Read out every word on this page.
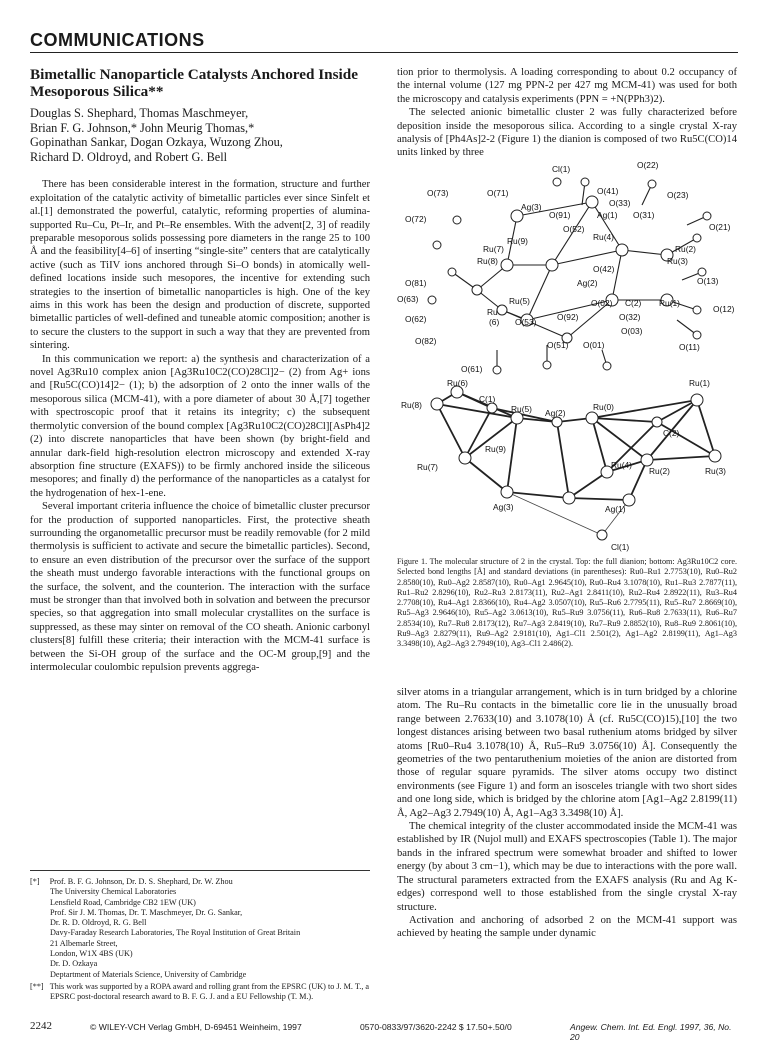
COMMUNICATIONS
Bimetallic Nanoparticle Catalysts Anchored Inside Mesoporous Silica**
Douglas S. Shephard, Thomas Maschmeyer,
Brian F. G. Johnson,* John Meurig Thomas,*
Gopinathan Sankar, Dogan Ozkaya, Wuzong Zhou,
Richard D. Oldroyd, and Robert G. Bell

There has been considerable interest in the formation, structure and further exploitation of the catalytic activity of bimetallic particles ever since Sinfelt et al.[1] demonstrated the powerful, catalytic, reforming properties of alumina-supported Ru–Cu, Pt–Ir, and Pt–Re ensembles. With the advent[2, 3] of readily preparable mesoporous solids possessing pore diameters in the range 25 to 100 Å and the feasibility[4–6] of inserting “single-site” centers that are catalytically active (such as TiIV ions anchored through Si–O bonds) in atomically well-defined locations inside such mesopores, the incentive for extending such strategies to the insertion of bimetallic nanoparticles is high. One of the key aims in this work has been the design and production of discrete, supported bimetallic particles of well-defined and tuneable atomic composition; another is to secure the clusters to the support in such a way that they are prevented from sintering.

In this communication we report: a) the synthesis and characterization of a novel Ag3Ru10 complex anion [Ag3Ru10C2(CO)28Cl]2− (2) from Ag+ ions and [Ru5C(CO)14]2− (1); b) the adsorption of 2 onto the inner walls of the mesoporous silica (MCM-41), with a pore diameter of about 30 Å,[7] together with spectroscopic proof that it retains its integrity; c) the subsequent thermolytic conversion of the bound complex [Ag3Ru10C2(CO)28Cl][AsPh4]2 (2) into discrete nanoparticles that have been shown (by bright-field and annular dark-field high-resolution electron microscopy and extended X-ray absorption fine structure (EXAFS)) to be firmly anchored inside the siliceous mesopores; and finally d) the performance of the nanoparticles as a catalyst for the hydrogenation of hex-1-ene.

Several important criteria influence the choice of bimetallic cluster precursor for the production of supported nanoparticles. First, the protective sheath surrounding the organometallic precursor must be readily removable (for 2 mild thermolysis is sufficient to activate and secure the bimetallic particles). Second, to ensure an even distribution of the precursor over the surface of the support the sheath must undergo favorable interactions with the functional groups on the surface, the solvent, and the counterion. The interaction with the surface must be stronger than that involved both in solvation and between the precursor species, so that aggregation into small molecular crystallites on the surface is suppressed, as these may sinter on removal of the CO sheath. Anionic carbonyl clusters[8] fulfill these criteria; their interaction with the MCM-41 surface is between the Si-OH group of the surface and the OC-M group,[9] and the intermolecular coulombic repulsion prevents aggrega-

[*] Prof. B. F. G. Johnson, Dr. D. S. Shephard, Dr. W. Zhou
The University Chemical Laboratories
Lensfield Road, Cambridge CB2 1EW (UK)
Prof. Sir J. M. Thomas, Dr. T. Maschmeyer, Dr. G. Sankar,
Dr. R. D. Oldroyd, R. G. Bell
Davy-Faraday Research Laboratories, The Royal Institution of Great Britain
21 Albemarle Street,
London, W1X 4BS (UK)
Dr. D. Ozkaya
Deptartment of Materials Science, University of Cambridge
[**] This work was supported by a ROPA award and rolling grant from the EPSRC (UK) to J. M. T., a EPSRC post-doctoral research award to B. F. G. J. and a EU Fellowship (T. M.).

tion prior to thermolysis. A loading corresponding to about 0.2 occupancy of the internal volume (127 mg PPN-2 per 427 mg MCM-41) was used for both the microscopy and catalysis experiments (PPN = +N(PPh3)2).

The selected anionic bimetallic cluster 2 was fully characterized before deposition inside the mesoporous silica. According to a single crystal X-ray analysis of [Ph4As]2-2 (Figure 1) the dianion is composed of two Ru5C(CO)14 units linked by three

Cl(1)	O(22)
O(73)	O(71)	O(41)	O(23)
Ag(3)	O(33)
O(31)
O(72)	O(91)	Ag(1)
O(21)
O(52)
Ru(9)	Ru(4)
Ru(2)
Ru(7)
Ru(3)
Ru(8)
O(42)
O(81)	Ag(2)	O(13)
O(63)	Ru(5)	O(02) C(2) Ru(1)
O(12)
Ru
(6) O(53) O(92)	O(32)
O(62)
O(03)
O(82)	O(51) O(01)	O(11)
O(61)
Ru(6)
C(1)
Ru(1)
Ru(8)	Ru(5)	Ru(0)
Ag(2)
C(2)
Ru(9)
Ru(3)
Ru(7)	Ru(4)
Ru(2)
Ag(3)	Ag(1)
Cl(1)
Figure 1. The molecular structure of 2 in the crystal. Top: the full dianion; bottom: Ag3Ru10C2 core. Selected bond lengths [Å] and standard deviations (in parentheses): Ru0–Ru1 2.7753(10), Ru0–Ru2 2.8580(10), Ru0–Ag2 2.8587(10), Ru0–Ag1 2.9645(10), Ru0–Ru4 3.1078(10), Ru1–Ru3 2.7877(11), Ru1–Ru2 2.8296(10), Ru2–Ru3 2.8173(11), Ru2–Ag1 2.8411(10), Ru2–Ru4 2.8922(11), Ru3–Ru4 2.7708(10), Ru4–Ag1 2.8366(10), Ru4–Ag2 3.0507(10), Ru5–Ru6 2.7795(11), Ru5–Ru7 2.8669(10), Ru5–Ag3 2.9646(10), Ru5–Ag2 3.0613(10), Ru5–Ru9 3.0756(11), Ru6–Ru8 2.7633(11), Ru6–Ru7 2.8534(10), Ru7–Ru8 2.8173(12), Ru7–Ag3 2.8419(10), Ru7–Ru9 2.8852(10), Ru8–Ru9 2.8061(10), Ru9–Ag3 2.8279(11), Ru9–Ag2 2.9181(10), Ag1–Cl1 2.501(2), Ag1–Ag2 2.8199(11), Ag1–Ag3 3.3498(10), Ag2–Ag3 2.7949(10), Ag3–Cl1 2.486(2).

silver atoms in a triangular arrangement, which is in turn bridged by a chlorine atom. The Ru–Ru contacts in the bimetallic core lie in the unusually broad range between 2.7633(10) and 3.1078(10) Å (cf. Ru5C(CO)15),[10] the two longest distances arising between two basal ruthenium atoms bridged by silver atoms [Ru0–Ru4 3.1078(10) Å, Ru5–Ru9 3.0756(10) Å]. Consequently the geometries of the two pentaruthenium moieties of the anion are distorted from those of regular square pyramids. The silver atoms occupy two distinct environments (see Figure 1) and form an isosceles triangle with two short sides and one long side, which is bridged by the chlorine atom [Ag1–Ag2 2.8199(11) Å, Ag2–Ag3 2.7949(10) Å, Ag1–Ag3 3.3498(10) Å].

The chemical integrity of the cluster accommodated inside the MCM-41 was established by IR (Nujol mull) and EXAFS spectroscopies (Table 1). The major bands in the infrared spectrum were somewhat broader and shifted to lower energy (by about 3 cm−1), which may be due to interactions with the pore wall. The structural parameters extracted from the EXAFS analysis (Ru and Ag K-edges) correspond well to those established from the single crystal X-ray structure.

Activation and anchoring of adsorbed 2 on the MCM-41 support was achieved by heating the sample under dynamic

2242	© WILEY-VCH Verlag GmbH, D-69451 Weinheim, 1997	0570-0833/97/3620-2242 $ 17.50+.50/0	Angew. Chem. Int. Ed. Engl. 1997, 36, No. 20
